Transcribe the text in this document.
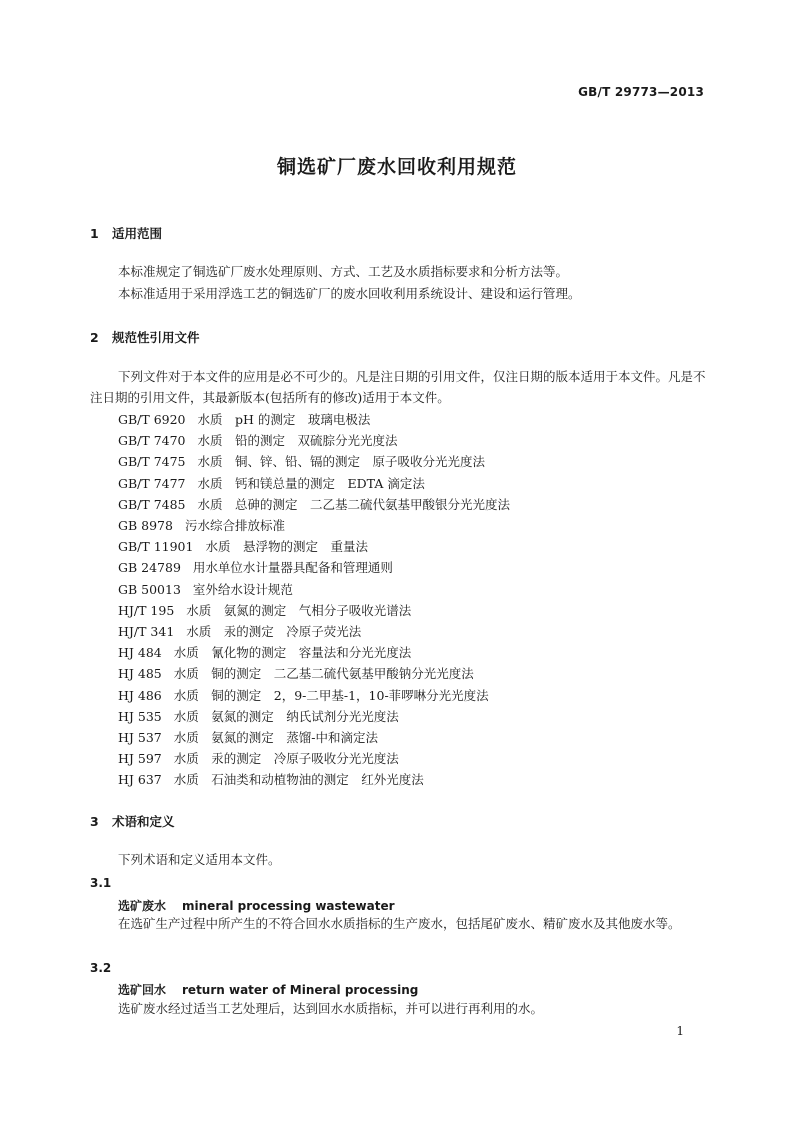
GB/T 29773—2013
铜选矿厂废水回收利用规范
1 适用范围

本标准规定了铜选矿厂废水处理原则、方式、工艺及水质指标要求和分析方法等。

本标准适用于采用浮选工艺的铜选矿厂的废水回收利用系统设计、建设和运行管理。

2 规范性引用文件

下列文件对于本文件的应用是必不可少的。凡是注日期的引用文件，仅注日期的版本适用于本文件。凡是不注日期的引用文件，其最新版本(包括所有的修改)适用于本文件。

GB/T 6920 水质　pH 的测定　玻璃电极法
GB/T 7470 水质　铅的测定　双硫腙分光光度法
GB/T 7475 水质　铜、锌、铅、镉的测定　原子吸收分光光度法
GB/T 7477 水质　钙和镁总量的测定　EDTA 滴定法
GB/T 7485 水质　总砷的测定　二乙基二硫代氨基甲酸银分光光度法
GB 8978 污水综合排放标准
GB/T 11901 水质　悬浮物的测定　重量法
GB 24789 用水单位水计量器具配备和管理通则
GB 50013 室外给水设计规范
HJ/T 195 水质　氨氮的测定　气相分子吸收光谱法
HJ/T 341 水质　汞的测定　冷原子荧光法
HJ 484 水质　氰化物的测定　容量法和分光光度法
HJ 485 水质　铜的测定　二乙基二硫代氨基甲酸钠分光光度法
HJ 486 水质　铜的测定　2，9-二甲基-1，10-菲啰啉分光光度法
HJ 535 水质　氨氮的测定　纳氏试剂分光光度法
HJ 537 水质　氨氮的测定　蒸馏-中和滴定法
HJ 597 水质　汞的测定　冷原子吸收分光光度法
HJ 637 水质　石油类和动植物油的测定　红外光度法
3 术语和定义

下列术语和定义适用本文件。

3.1
选矿废水 mineral processing wastewater

在选矿生产过程中所产生的不符合回水水质指标的生产废水，包括尾矿废水、精矿废水及其他废水等。

3.2
选矿回水 return water of Mineral processing

选矿废水经过适当工艺处理后，达到回水水质指标，并可以进行再利用的水。

1
